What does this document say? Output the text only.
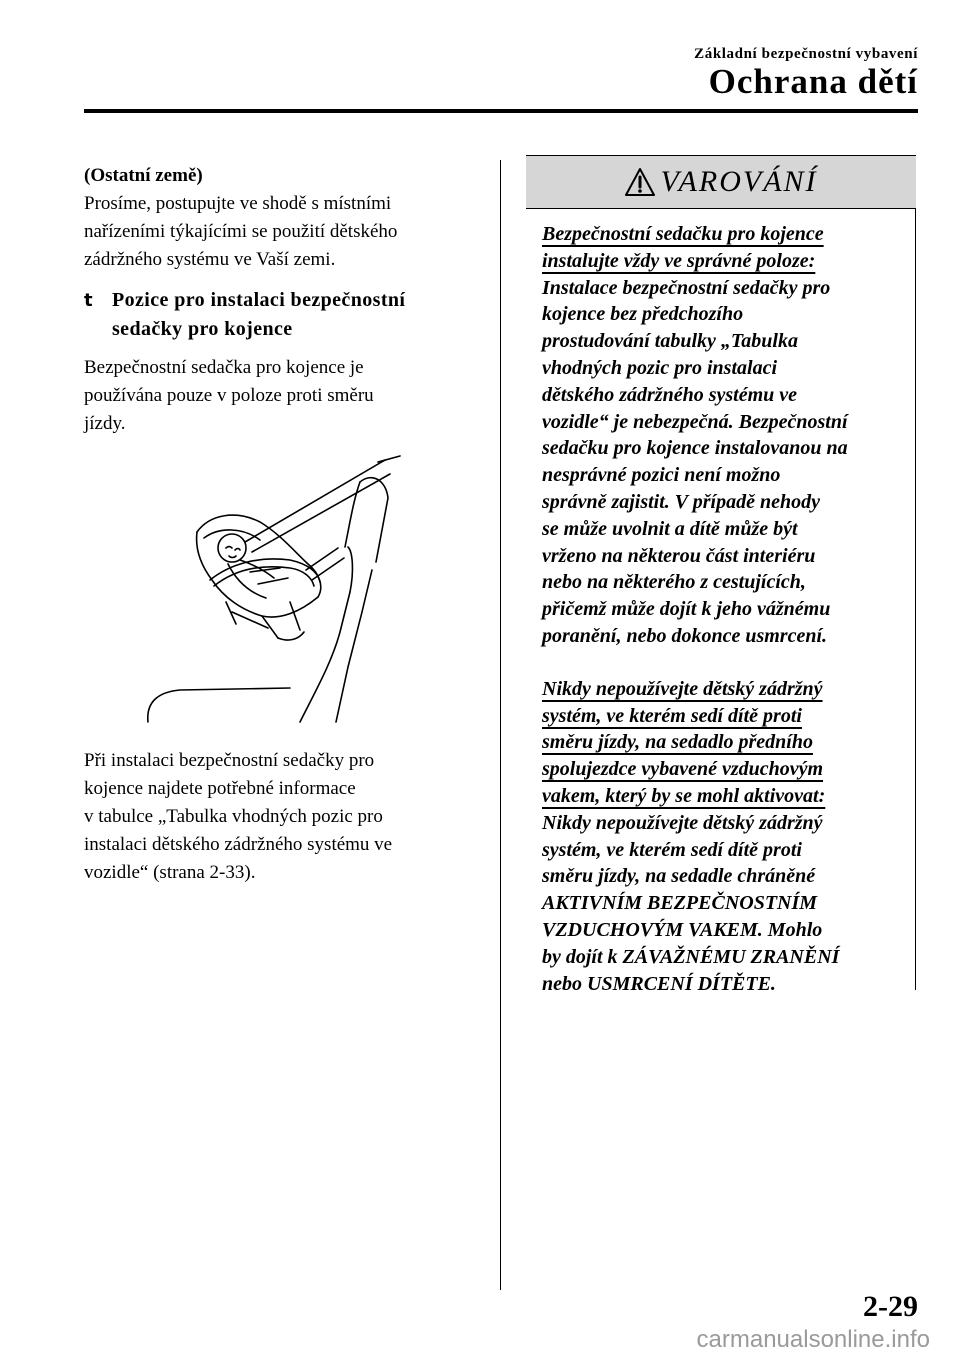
Základní bezpečnostní vybavení
Ochrana dětí

(Ostatní země)

Prosíme, postupujte ve shodě s místními

nařízeními týkajícími se použití dětského

zádržného systému ve Vaší zemi.

t Pozice pro instalaci bezpečnostní
sedačky pro kojence

Bezpečnostní sedačka pro kojence je

používána pouze v poloze proti směru

jízdy.

Při instalaci bezpečnostní sedačky pro

kojence najdete potřebné informace

v tabulce „Tabulka vhodných pozic pro

instalaci dětského zádržného systému ve

vozidle“ (strana 2-33).

VAROVÁNÍ

Bezpečnostní sedačku pro kojence

instalujte vždy ve správné poloze:

Instalace bezpečnostní sedačky pro

kojence bez předchozího

prostudování tabulky „Tabulka

vhodných pozic pro instalaci

dětského zádržného systému ve

vozidle“ je nebezpečná. Bezpečnostní

sedačku pro kojence instalovanou na

nesprávné pozici není možno

správně zajistit. V případě nehody

se může uvolnit a dítě může být

vrženo na některou část interiéru

nebo na některého z cestujících,

přičemž může dojít k jeho vážnému

poranění, nebo dokonce usmrcení.

Nikdy nepoužívejte dětský zádržný

systém, ve kterém sedí dítě proti

směru jízdy, na sedadlo předního

spolujezdce vybavené vzduchovým

vakem, který by se mohl aktivovat:

Nikdy nepoužívejte dětský zádržný

systém, ve kterém sedí dítě proti

směru jízdy, na sedadle chráněné

AKTIVNÍM BEZPEČNOSTNÍM

VZDUCHOVÝM VAKEM. Mohlo

by dojít k ZÁVAŽNÉMU ZRANĚNÍ

nebo USMRCENÍ DÍTĚTE.

2-29
carmanualsonline.info
